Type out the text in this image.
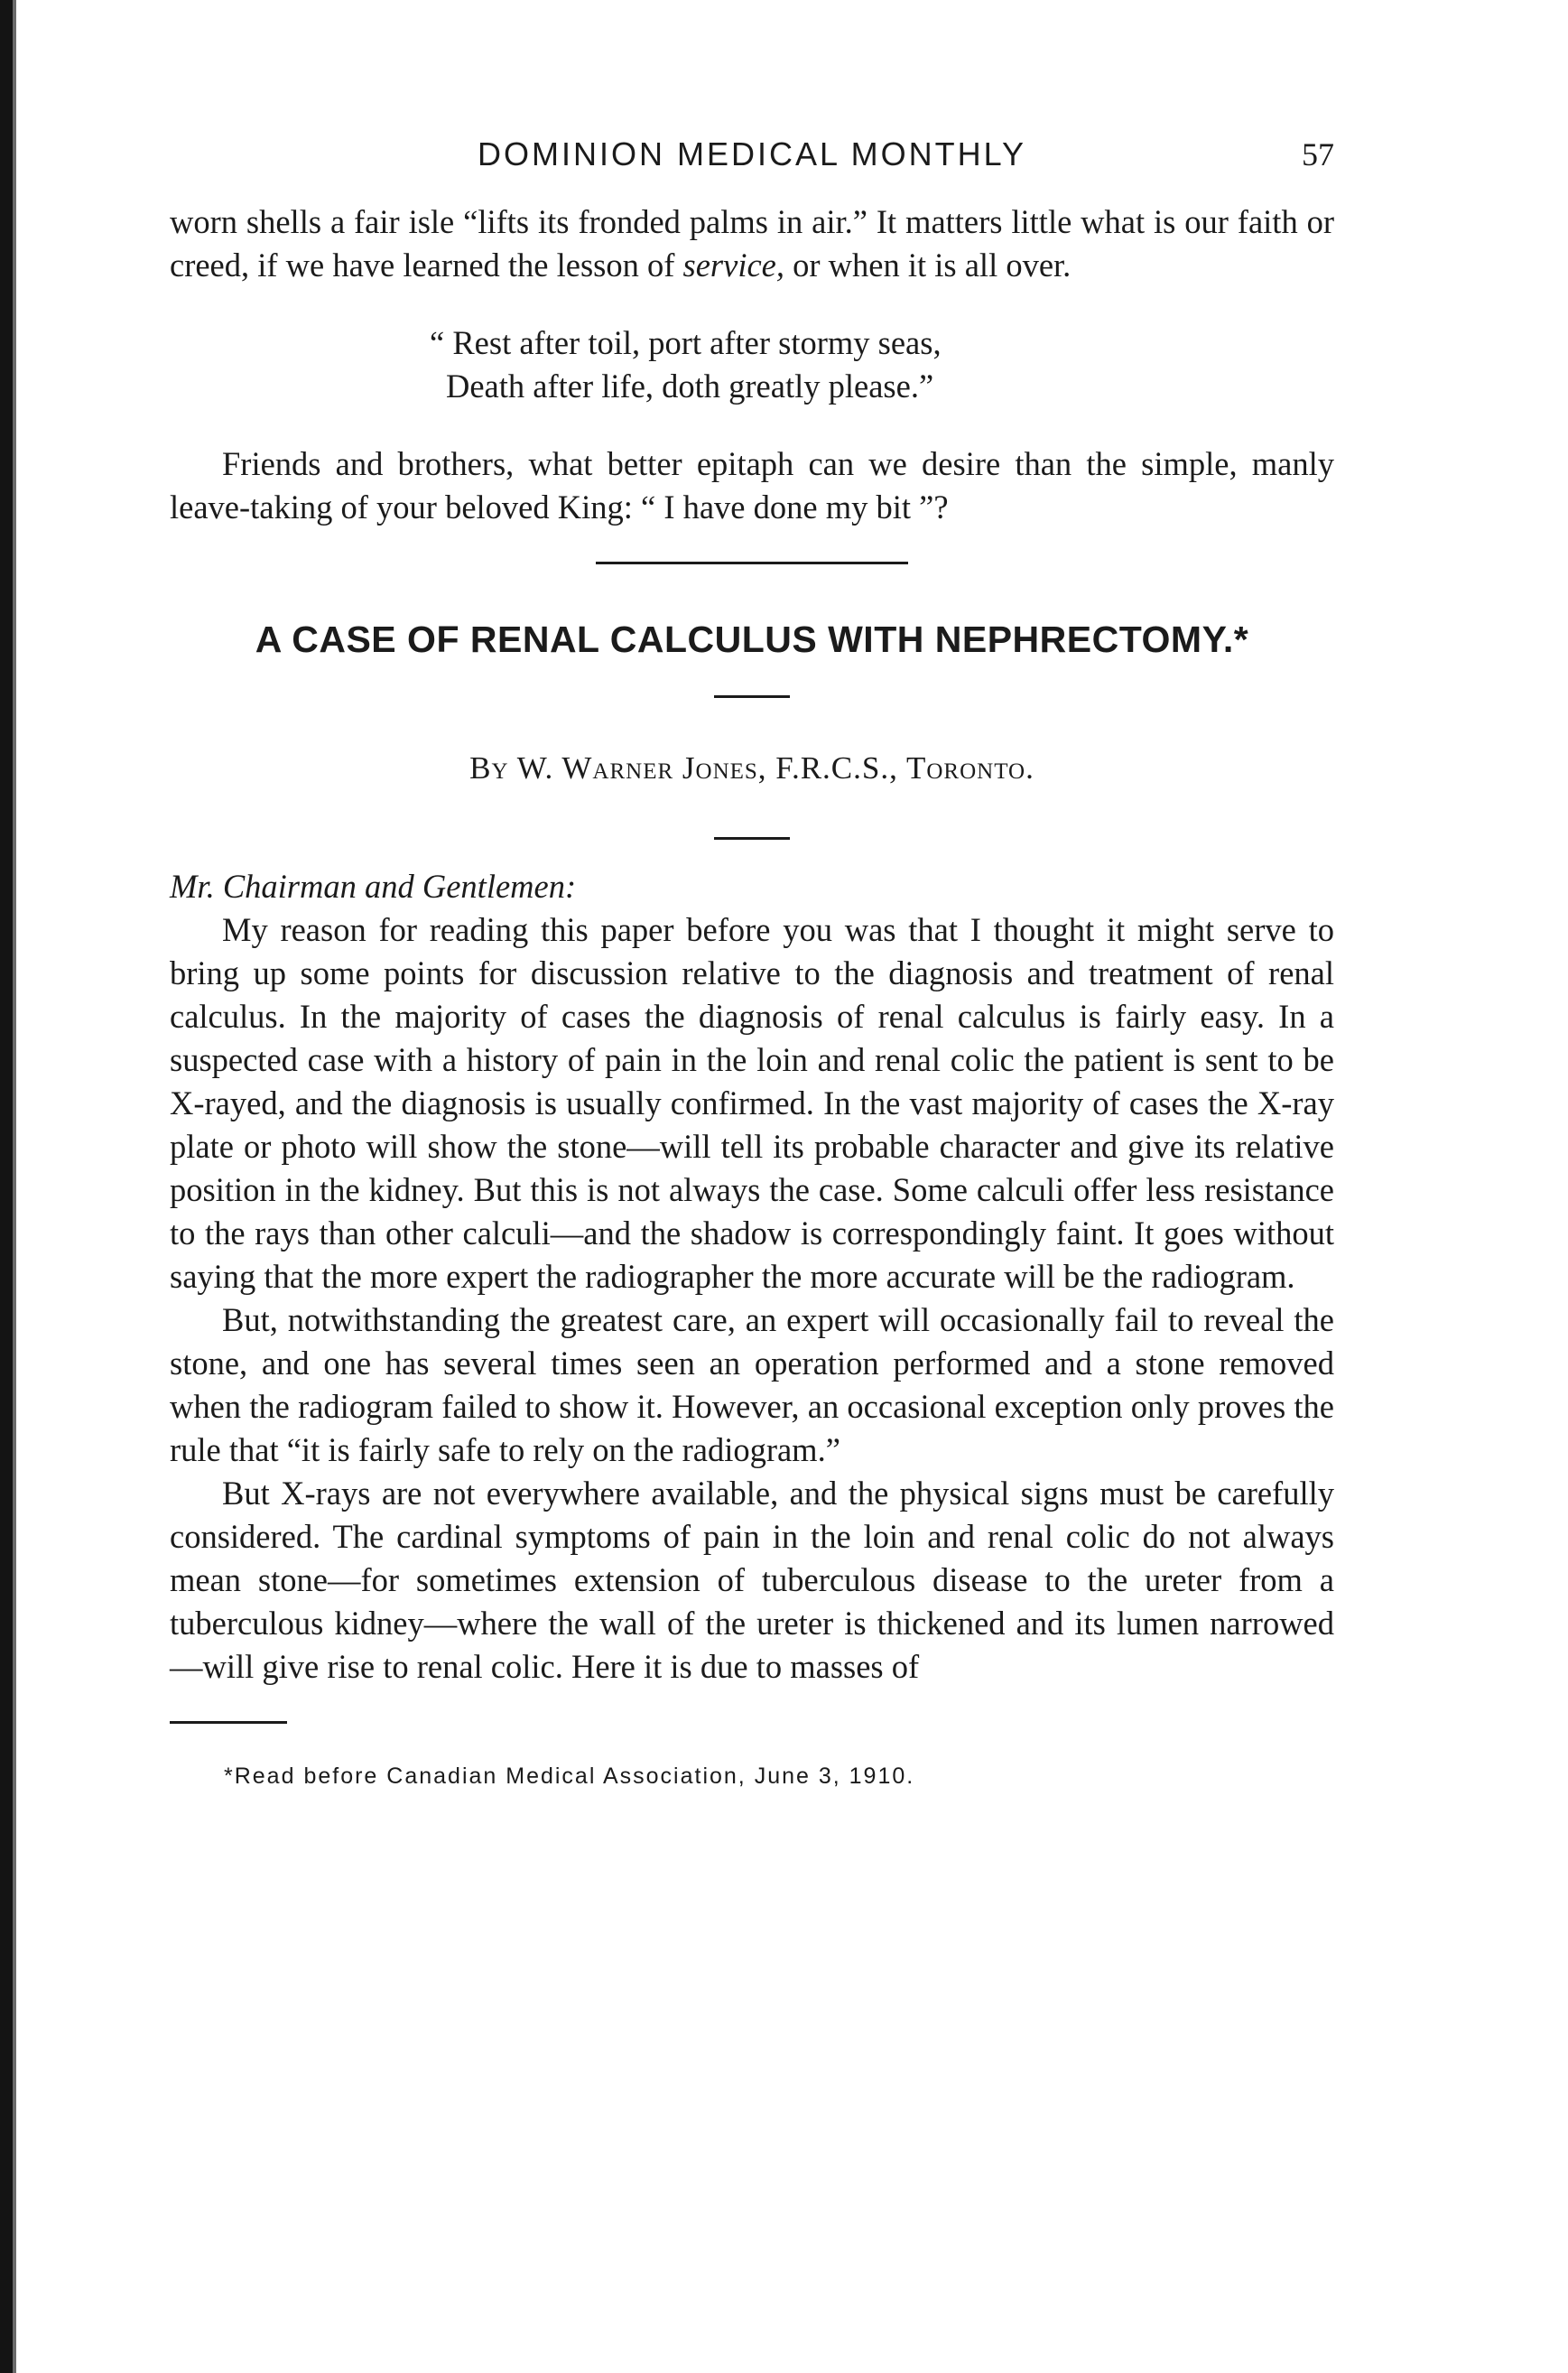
DOMINION MEDICAL MONTHLY	57

worn shells a fair isle “lifts its fronded palms in air.” It matters little what is our faith or creed, if we have learned the lesson of service, or when it is all over.

“ Rest after toil, port after stormy seas,
Death after life, doth greatly please.”

Friends and brothers, what better epitaph can we desire than the simple, manly leave-taking of your beloved King: “ I have done my bit ”?

A CASE OF RENAL CALCULUS WITH NEPHRECTOMY.*
By W. Warner Jones, F.R.C.S., Toronto.
Mr. Chairman and Gentlemen:

My reason for reading this paper before you was that I thought it might serve to bring up some points for discussion relative to the diagnosis and treatment of renal calculus. In the majority of cases the diagnosis of renal calculus is fairly easy. In a suspected case with a history of pain in the loin and renal colic the patient is sent to be X-rayed, and the diagnosis is usually confirmed. In the vast majority of cases the X-ray plate or photo will show the stone—will tell its probable character and give its relative position in the kidney. But this is not always the case. Some calculi offer less resistance to the rays than other calculi—and the shadow is correspondingly faint. It goes without saying that the more expert the radiographer the more accurate will be the radiogram.

But, notwithstanding the greatest care, an expert will occasionally fail to reveal the stone, and one has several times seen an operation performed and a stone removed when the radiogram failed to show it. However, an occasional exception only proves the rule that “it is fairly safe to rely on the radiogram.”

But X-rays are not everywhere available, and the physical signs must be carefully considered. The cardinal symptoms of pain in the loin and renal colic do not always mean stone—for sometimes extension of tuberculous disease to the ureter from a tuberculous kidney—where the wall of the ureter is thickened and its lumen narrowed—will give rise to renal colic. Here it is due to masses of

*Read before Canadian Medical Association, June 3, 1910.
